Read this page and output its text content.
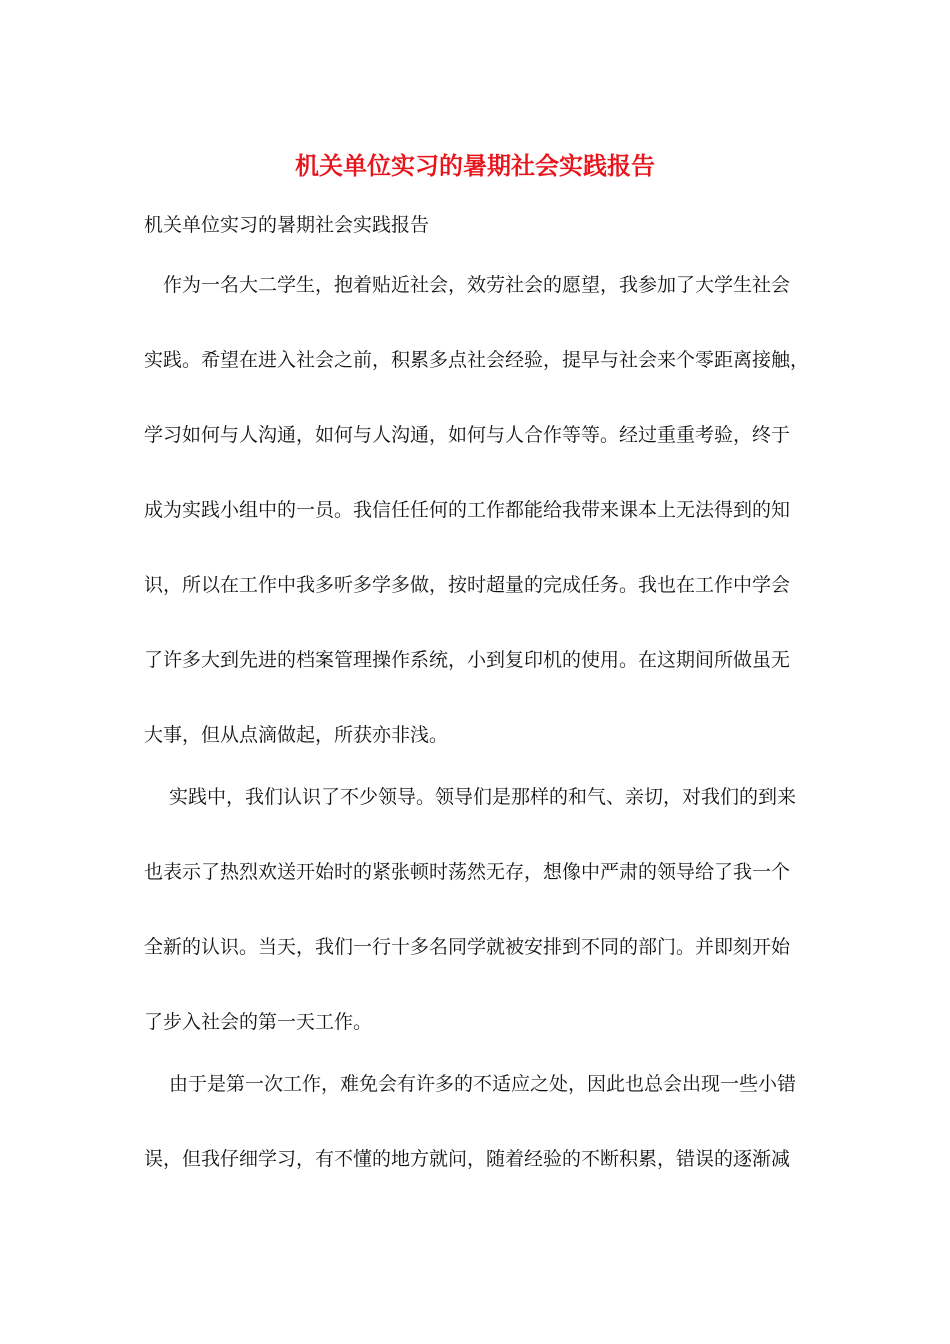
机关单位实习的暑期社会实践报告

机关单位实习的暑期社会实践报告

　作为一名大二学生，抱着贴近社会，效劳社会的愿望，我参加了大学生社会

实践。希望在进入社会之前，积累多点社会经验，提早与社会来个零距离接触，

学习如何与人沟通，如何与人沟通，如何与人合作等等。经过重重考验，终于

成为实践小组中的一员。我信任任何的工作都能给我带来课本上无法得到的知

识，所以在工作中我多听多学多做，按时超量的完成任务。我也在工作中学会

了许多大到先进的档案管理操作系统，小到复印机的使用。在这期间所做虽无

大事，但从点滴做起，所获亦非浅。

　 实践中，我们认识了不少领导。领导们是那样的和气、亲切，对我们的到来

也表示了热烈欢送开始时的紧张顿时荡然无存，想像中严肃的领导给了我一个

全新的认识。当天，我们一行十多名同学就被安排到不同的部门。并即刻开始

了步入社会的第一天工作。

　 由于是第一次工作，难免会有许多的不适应之处，因此也总会出现一些小错

误，但我仔细学习，有不懂的地方就问，随着经验的不断积累，错误的逐渐减
